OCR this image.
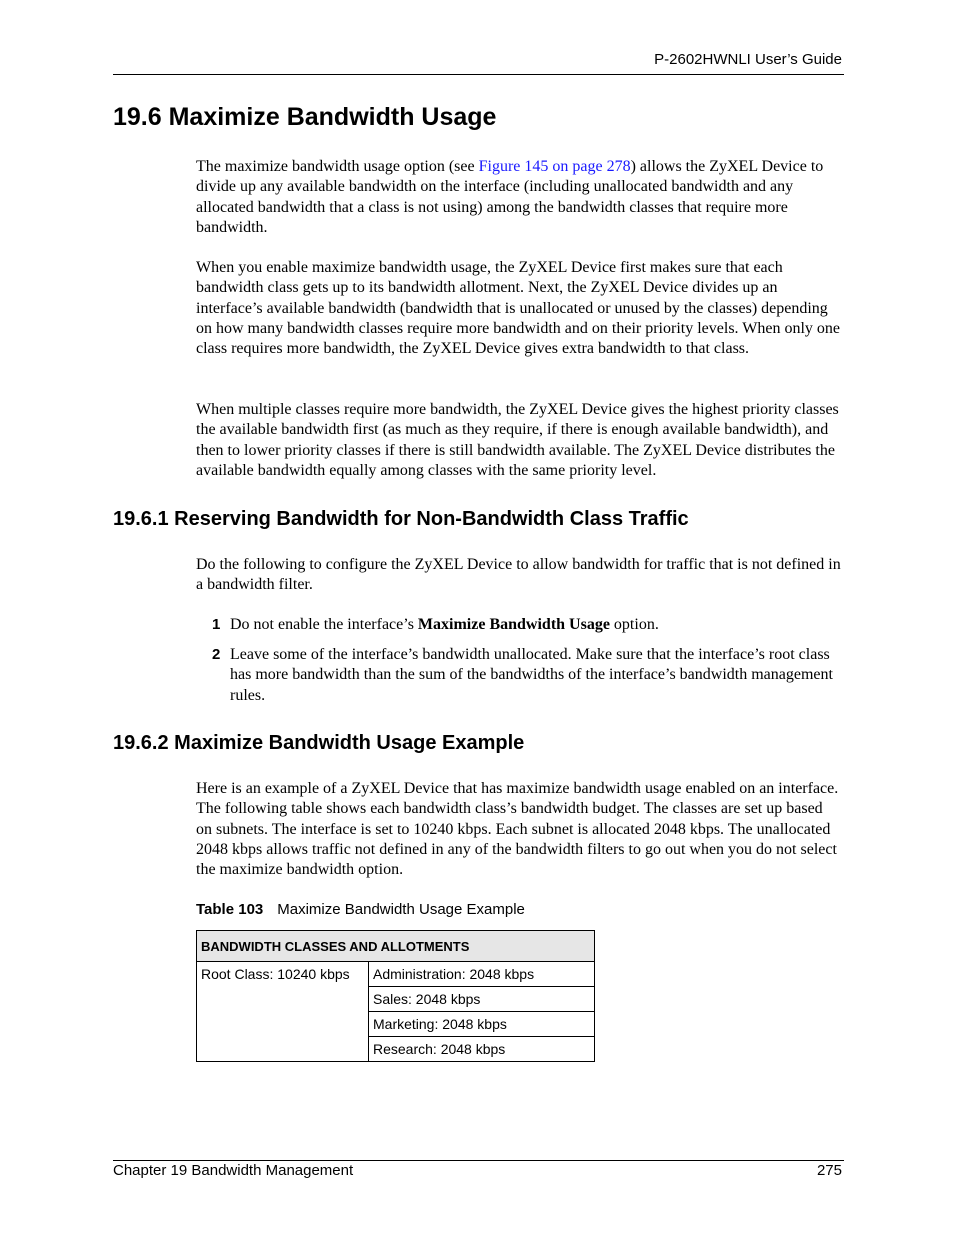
P-2602HWNLI User’s Guide
19.6 Maximize Bandwidth Usage

The maximize bandwidth usage option (see Figure 145 on page 278) allows the ZyXEL Device to divide up any available bandwidth on the interface (including unallocated bandwidth and any allocated bandwidth that a class is not using) among the bandwidth classes that require more bandwidth.

When you enable maximize bandwidth usage, the ZyXEL Device first makes sure that each bandwidth class gets up to its bandwidth allotment. Next, the ZyXEL Device divides up an interface’s available bandwidth (bandwidth that is unallocated or unused by the classes) depending on how many bandwidth classes require more bandwidth and on their priority levels. When only one class requires more bandwidth, the ZyXEL Device gives extra bandwidth to that class.

When multiple classes require more bandwidth, the ZyXEL Device gives the highest priority classes the available bandwidth first (as much as they require, if there is enough available bandwidth), and then to lower priority classes if there is still bandwidth available. The ZyXEL Device distributes the available bandwidth equally among classes with the same priority level.

19.6.1 Reserving Bandwidth for Non-Bandwidth Class Traffic

Do the following to configure the ZyXEL Device to allow bandwidth for traffic that is not defined in a bandwidth filter.

1 Do not enable the interface’s Maximize Bandwidth Usage option.
2 Leave some of the interface’s bandwidth unallocated. Make sure that the interface’s root class has more bandwidth than the sum of the bandwidths of the interface’s bandwidth management rules.
19.6.2 Maximize Bandwidth Usage Example

Here is an example of a ZyXEL Device that has maximize bandwidth usage enabled on an interface. The following table shows each bandwidth class’s bandwidth budget. The classes are set up based on subnets. The interface is set to 10240 kbps. Each subnet is allocated 2048 kbps. The unallocated 2048 kbps allows traffic not defined in any of the bandwidth filters to go out when you do not select the maximize bandwidth option.

Table 103 Maximize Bandwidth Usage Example
BANDWIDTH CLASSES AND ALLOTMENTS
Root Class: 10240 kbps	Administration: 2048 kbps
Sales: 2048 kbps
Marketing: 2048 kbps
Research: 2048 kbps
Chapter 19 Bandwidth Management	275
